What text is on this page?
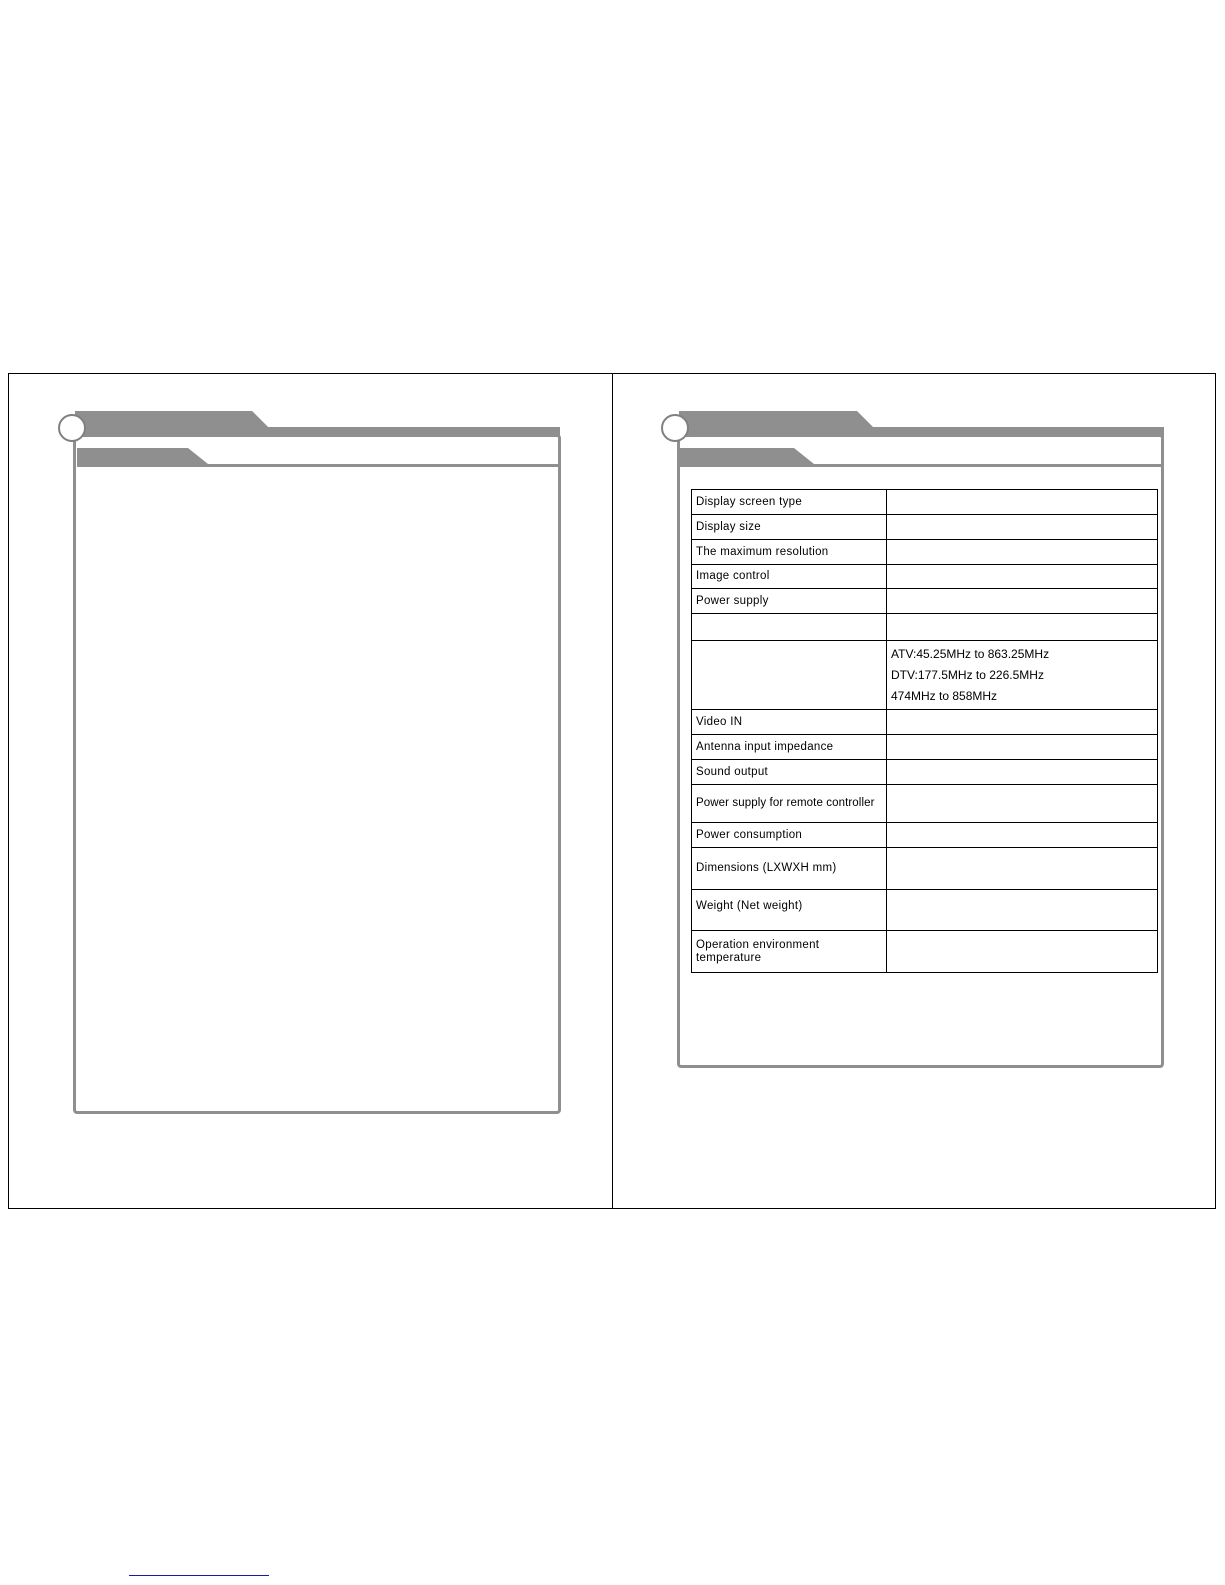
Display screen type	
Display size	
The maximum resolution	
Image control	
Power supply	

	ATV:45.25MHz to 863.25MHz
DTV:177.5MHz to 226.5MHz
474MHz to 858MHz

Video IN	
Antenna input impedance	
Sound output	
Power supply for remote controller	
Power consumption	
Dimensions (LXWXH mm)	
Weight (Net weight)	
Operation environment temperature	
